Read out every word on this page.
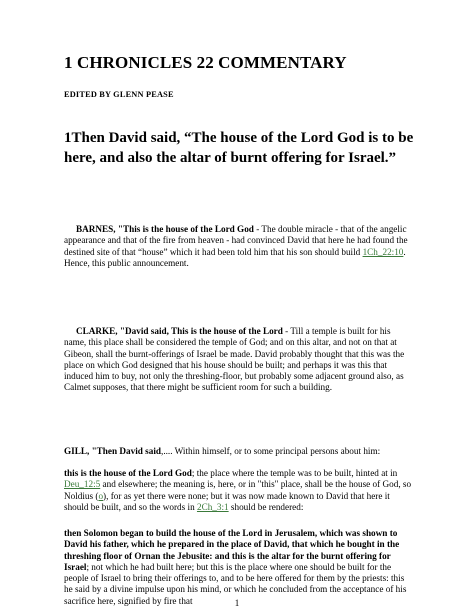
1 CHRONICLES 22 COMMENTARY
EDITED BY GLENN PEASE
1Then David said, “The house of the Lord God is to be here, and also the altar of burnt offering for Israel.”
BARNES, "This is the house of the Lord God - The double miracle - that of the angelic appearance and that of the fire from heaven - had convinced David that here he had found the destined site of that “house” which it had been told him that his son should build 1Ch_22:10. Hence, this public announcement.
CLARKE, "David said, This is the house of the Lord - Till a temple is built for his name, this place shall be considered the temple of God; and on this altar, and not on that at Gibeon, shall the burnt-offerings of Israel be made. David probably thought that this was the place on which God designed that his house should be built; and perhaps it was this that induced him to buy, not only the threshing-floor, but probably some adjacent ground also, as Calmet supposes, that there might be sufficient room for such a building.
GILL, "Then David said,.... Within himself, or to some principal persons about him:
this is the house of the Lord God; the place where the temple was to be built, hinted at in Deu_12:5 and elsewhere; the meaning is, here, or in "this" place, shall be the house of God, so Noldius (o), for as yet there were none; but it was now made known to David that here it should be built, and so the words in 2Ch_3:1 should be rendered:
then Solomon began to build the house of the Lord in Jerusalem, which was shown to David his father, which he prepared in the place of David, that which he bought in the threshing floor of Ornan the Jebusite: and this is the altar for the burnt offering for Israel; not which he had built here; but this is the place where one should be built for the people of Israel to bring their offerings to, and to be here offered for them by the priests: this he said by a divine impulse upon his mind, or which he concluded from the acceptance of his sacrifice here, signified by fire that	1
